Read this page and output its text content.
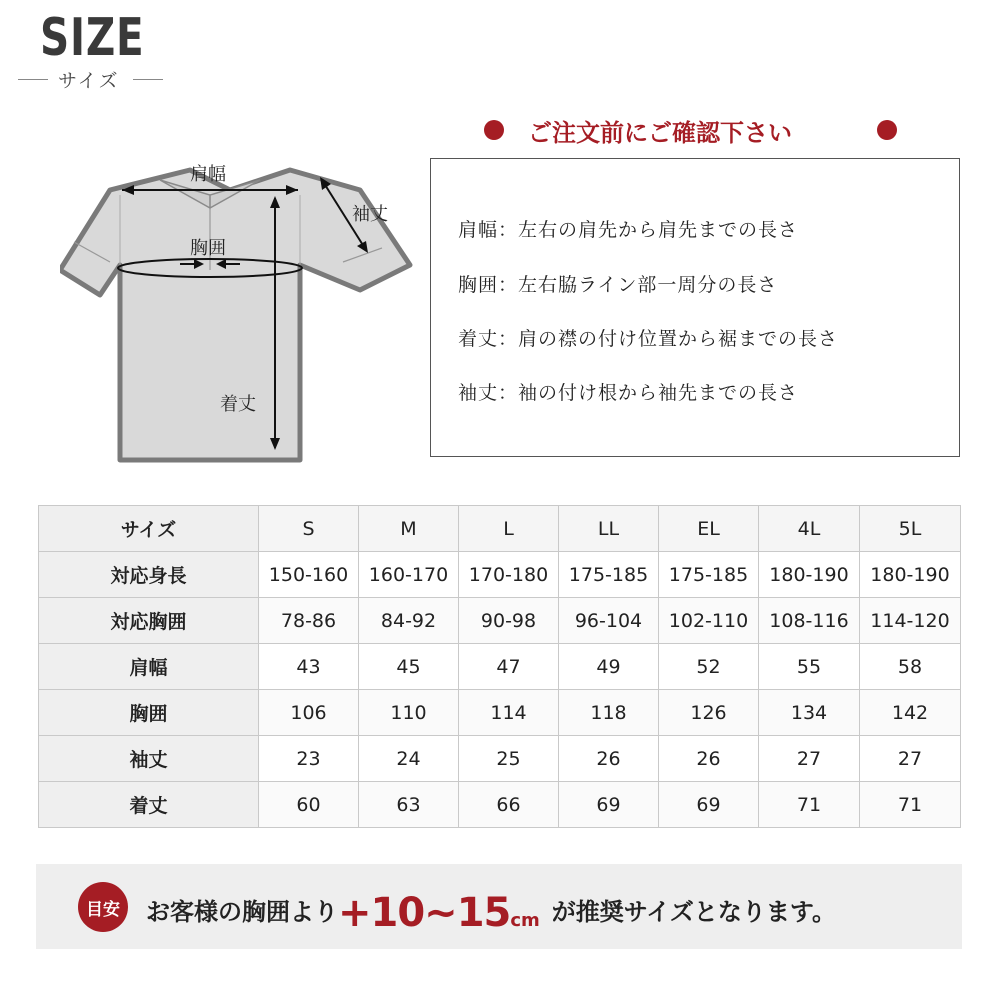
SIZE
サイズ
肩幅
胸囲
袖丈
着丈
ご注文前にご確認下さい
肩幅：左右の肩先から肩先までの長さ
胸囲：左右脇ライン部一周分の長さ
着丈：肩の襟の付け位置から裾までの長さ
袖丈：袖の付け根から袖先までの長さ
サイズ	S	M	L	LL	EL	4L	5L
対応身長	150-160	160-170	170-180	175-185	175-185	180-190	180-190
対応胸囲	78-86	84-92	90-98	96-104	102-110	108-116	114-120
肩幅	43	45	47	49	52	55	58
胸囲	106	110	114	118	126	134	142
袖丈	23	24	25	26	26	27	27
着丈	60	63	66	69	69	71	71
目安	お客様の胸囲より$+10\sim 15_{cm}$ が推奨サイズとなります。
